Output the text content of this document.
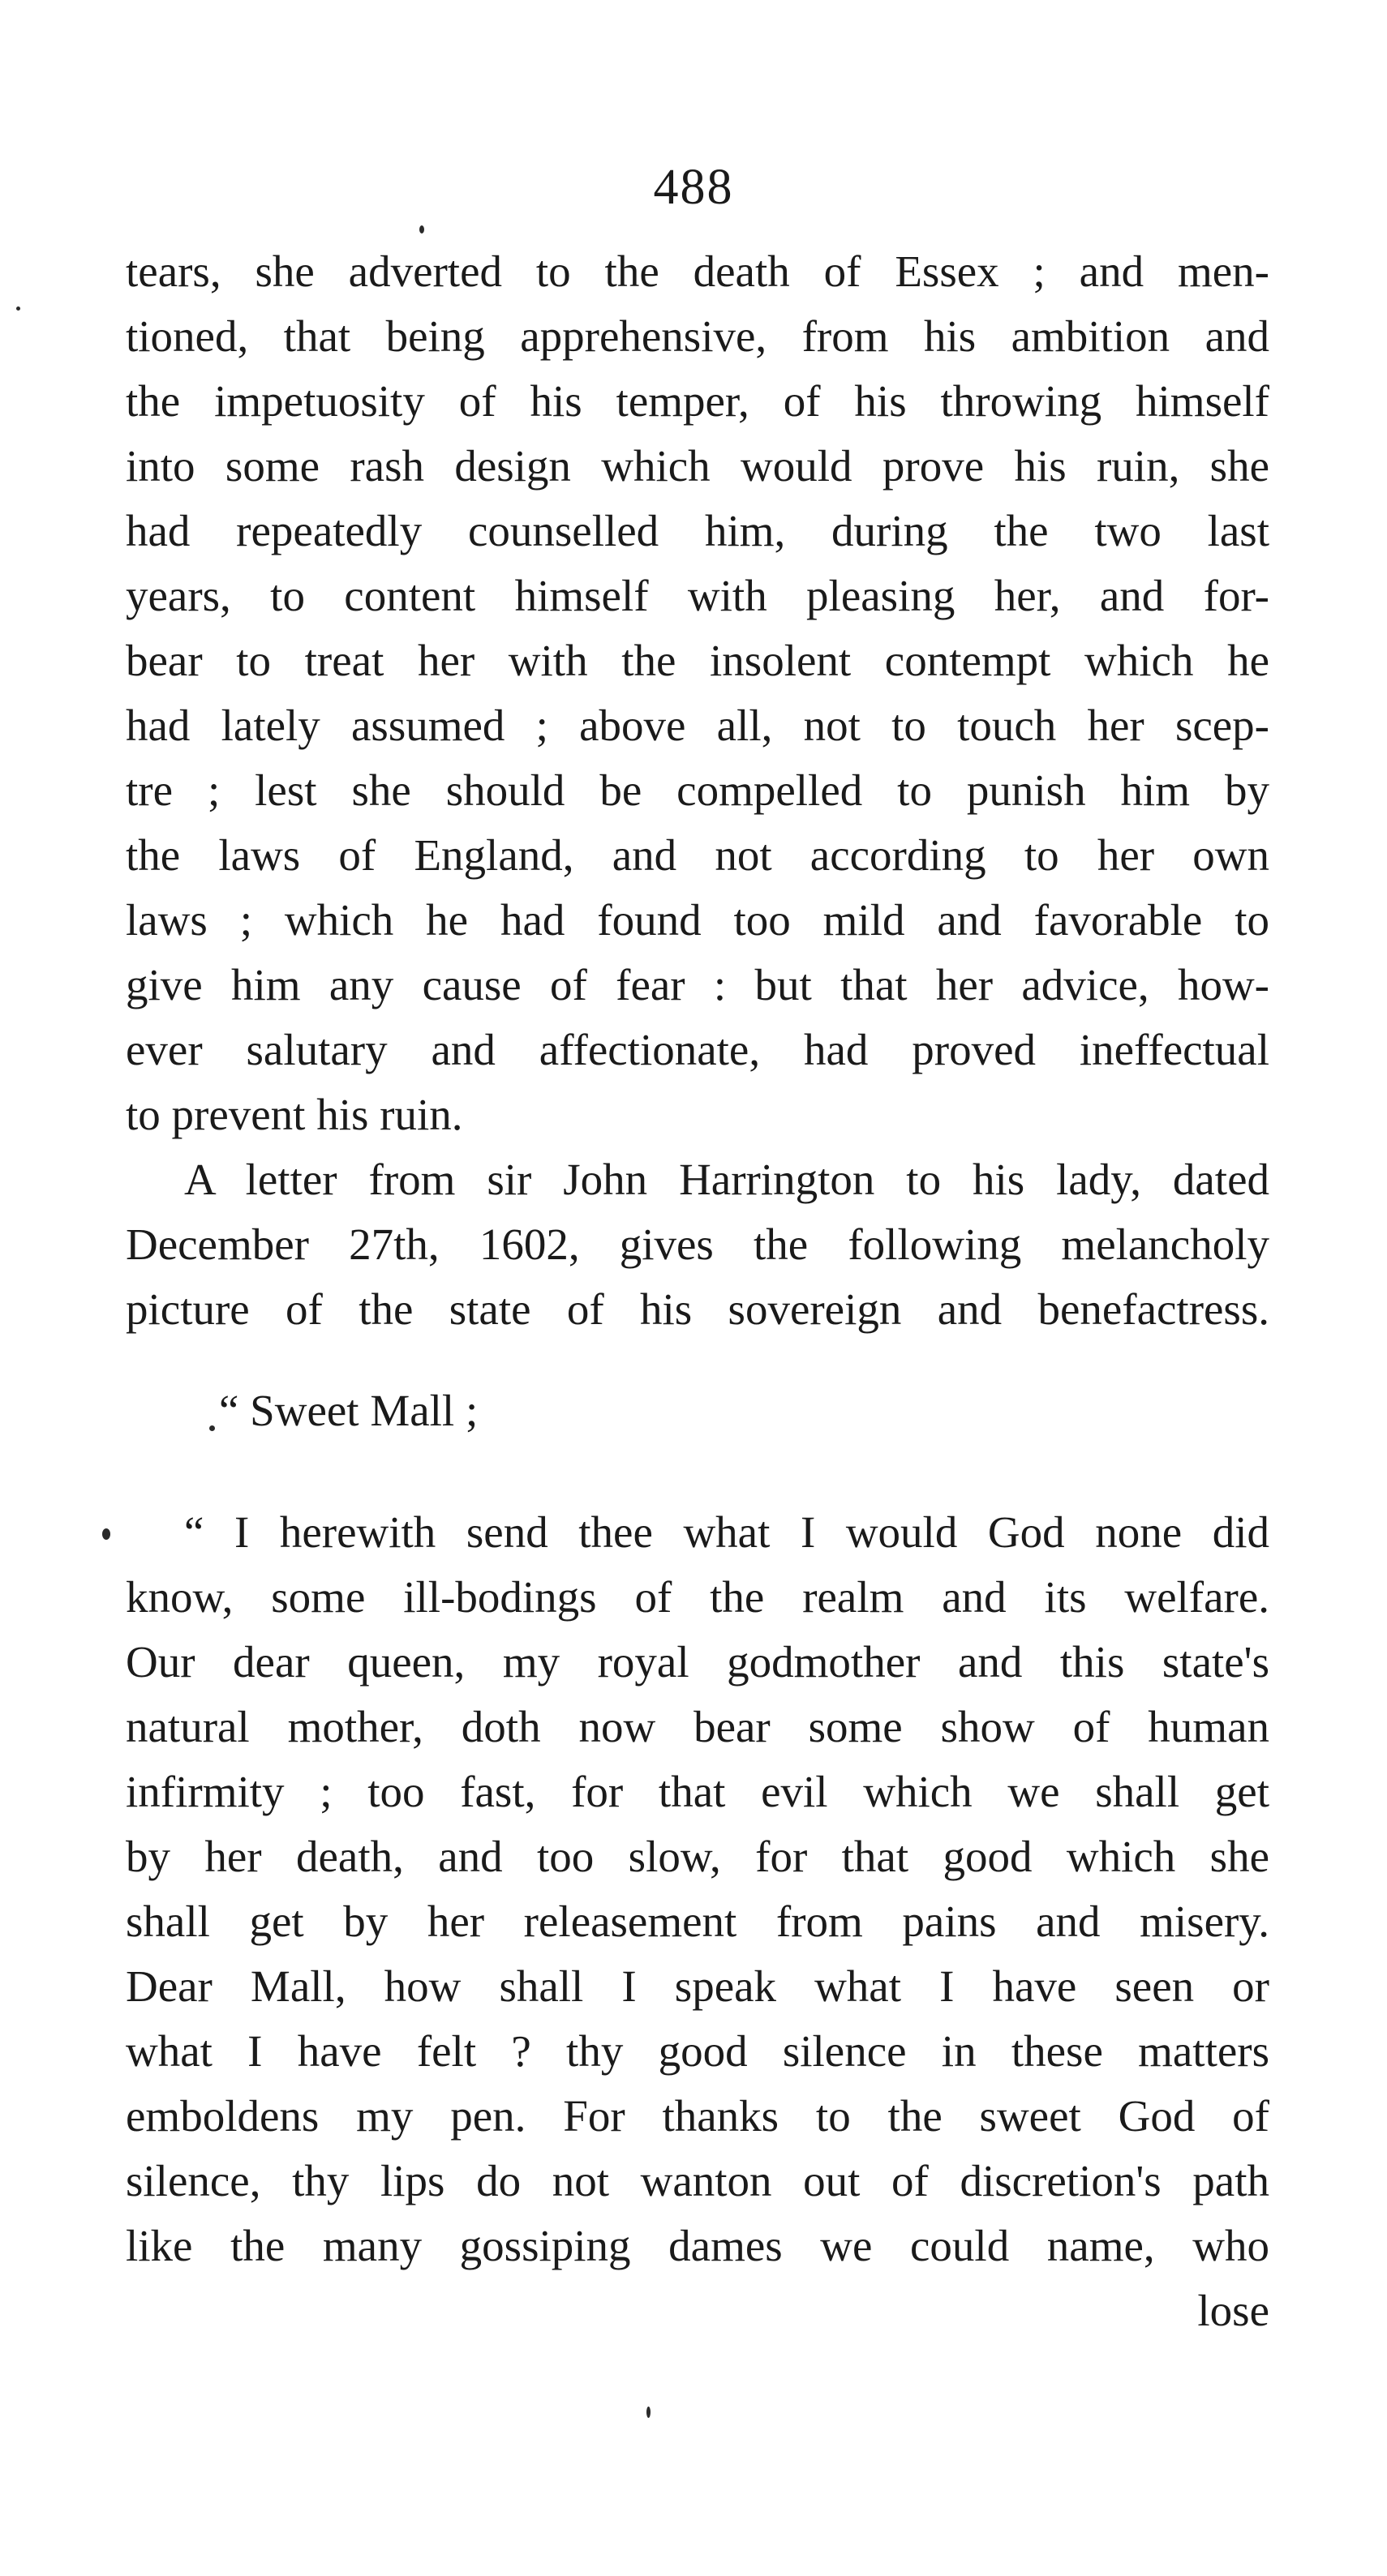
488
tears, she adverted to the death of Essex ; and men-
tioned, that being apprehensive, from his ambition and
the impetuosity of his temper, of his throwing himself
into some rash design which would prove his ruin, she
had repeatedly counselled him, during the two last
years, to content himself with pleasing her, and for-
bear to treat her with the insolent contempt which he
had lately assumed ; above all, not to touch her scep-
tre ; lest she should be compelled to punish him by
the laws of England, and not according to her own
laws ; which he had found too mild and favorable to
give him any cause of fear : but that her advice, how-
ever salutary and affectionate, had proved ineffectual
to prevent his ruin.
A letter from sir John Harrington to his lady, dated
December 27th, 1602, gives the following melancholy
picture of the state of his sovereign and benefactress.
“ Sweet Mall ;
“ I herewith send thee what I would God none did
know, some ill-bodings of the realm and its welfare.
Our dear queen, my royal godmother and this state's
natural mother, doth now bear some show of human
infirmity ; too fast, for that evil which we shall get
by her death, and too slow, for that good which she
shall get by her releasement from pains and misery.
Dear Mall, how shall I speak what I have seen or
what I have felt ? thy good silence in these matters
emboldens my pen. For thanks to the sweet God of
silence, thy lips do not wanton out of discretion's path
like the many gossiping dames we could name, who
lose
